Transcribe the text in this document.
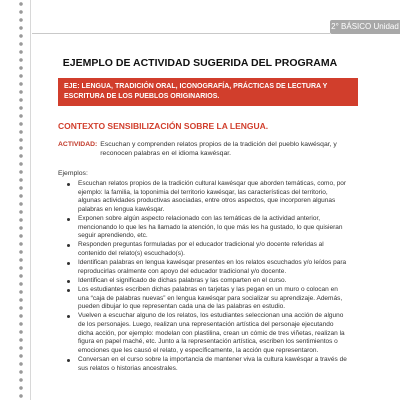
2° BÁSICO Unidad 1
EJEMPLO DE ACTIVIDAD SUGERIDA DEL PROGRAMA
EJE: LENGUA, TRADICIÓN ORAL, ICONOGRAFÍA, PRÁCTICAS DE LECTURA Y ESCRITURA DE LOS PUEBLOS ORIGINARIOS.
CONTEXTO SENSIBILIZACIÓN SOBRE LA LENGUA.
ACTIVIDAD: Escuchan y comprenden relatos propios de la tradición del pueblo kawésqar, y reconocen palabras en el idioma kawésqar.
Ejemplos:
Escuchan relatos propios de la tradición cultural kawésqar que aborden temáticas, como, por ejemplo: la familia, la toponimia del territorio kawésqar, las características del territorio, algunas actividades productivas asociadas, entre otros aspectos, que incorporen algunas palabras en lengua kawésqar.
Exponen sobre algún aspecto relacionado con las temáticas de la actividad anterior, mencionando lo que les ha llamado la atención, lo que más les ha gustado, lo que quisieran seguir aprendiendo, etc.
Responden preguntas formuladas por el educador tradicional y/o docente referidas al contenido del relato(s) escuchado(s).
Identifican palabras en lengua kawésqar presentes en los relatos escuchados y/o leídos para reproducirlas oralmente con apoyo del educador tradicional y/o docente.
Identifican el significado de dichas palabras y las comparten en el curso.
Los estudiantes escriben dichas palabras en tarjetas y las pegan en un muro o colocan en una “caja de palabras nuevas” en lengua kawésqar para socializar su aprendizaje. Además, pueden dibujar lo que representan cada una de las palabras en estudio.
Vuelven a escuchar alguno de los relatos, los estudiantes seleccionan una acción de alguno de los personajes. Luego, realizan una representación artística del personaje ejecutando dicha acción, por ejemplo: modelan con plastilina, crean un cómic de tres viñetas, realizan la figura en papel maché, etc. Junto a la representación artística, escriben los sentimientos o emociones que les causó el relato, y específicamente, la acción que representaron.
Conversan en el curso sobre la importancia de mantener viva la cultura kawésqar a través de sus relatos o historias ancestrales.
